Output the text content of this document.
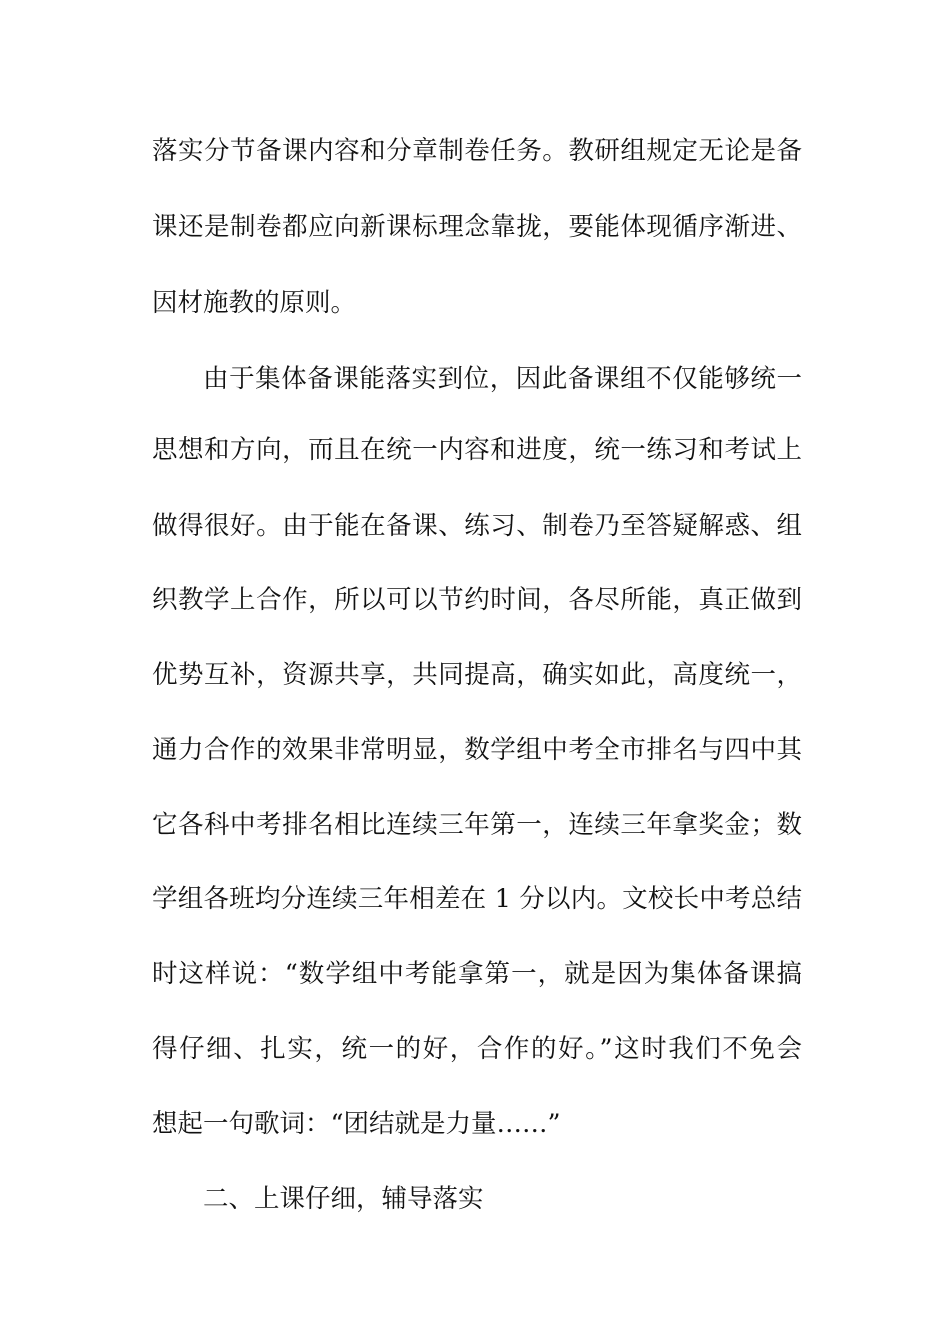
落实分节备课内容和分章制卷任务。教研组规定无论是备
课还是制卷都应向新课标理念靠拢，要能体现循序渐进、
因材施教的原则。
由于集体备课能落实到位，因此备课组不仅能够统一
思想和方向，而且在统一内容和进度，统一练习和考试上
做得很好。由于能在备课、练习、制卷乃至答疑解惑、组
织教学上合作，所以可以节约时间，各尽所能，真正做到
优势互补，资源共享，共同提高，确实如此，高度统一，
通力合作的效果非常明显，数学组中考全市排名与四中其
它各科中考排名相比连续三年第一，连续三年拿奖金；数
学组各班均分连续三年相差在 1 分以内。文校长中考总结
时这样说：“数学组中考能拿第一，就是因为集体备课搞
得仔细、扎实，统一的好，合作的好。”这时我们不免会
想起一句歌词：“团结就是力量……”
二、上课仔细，辅导落实
